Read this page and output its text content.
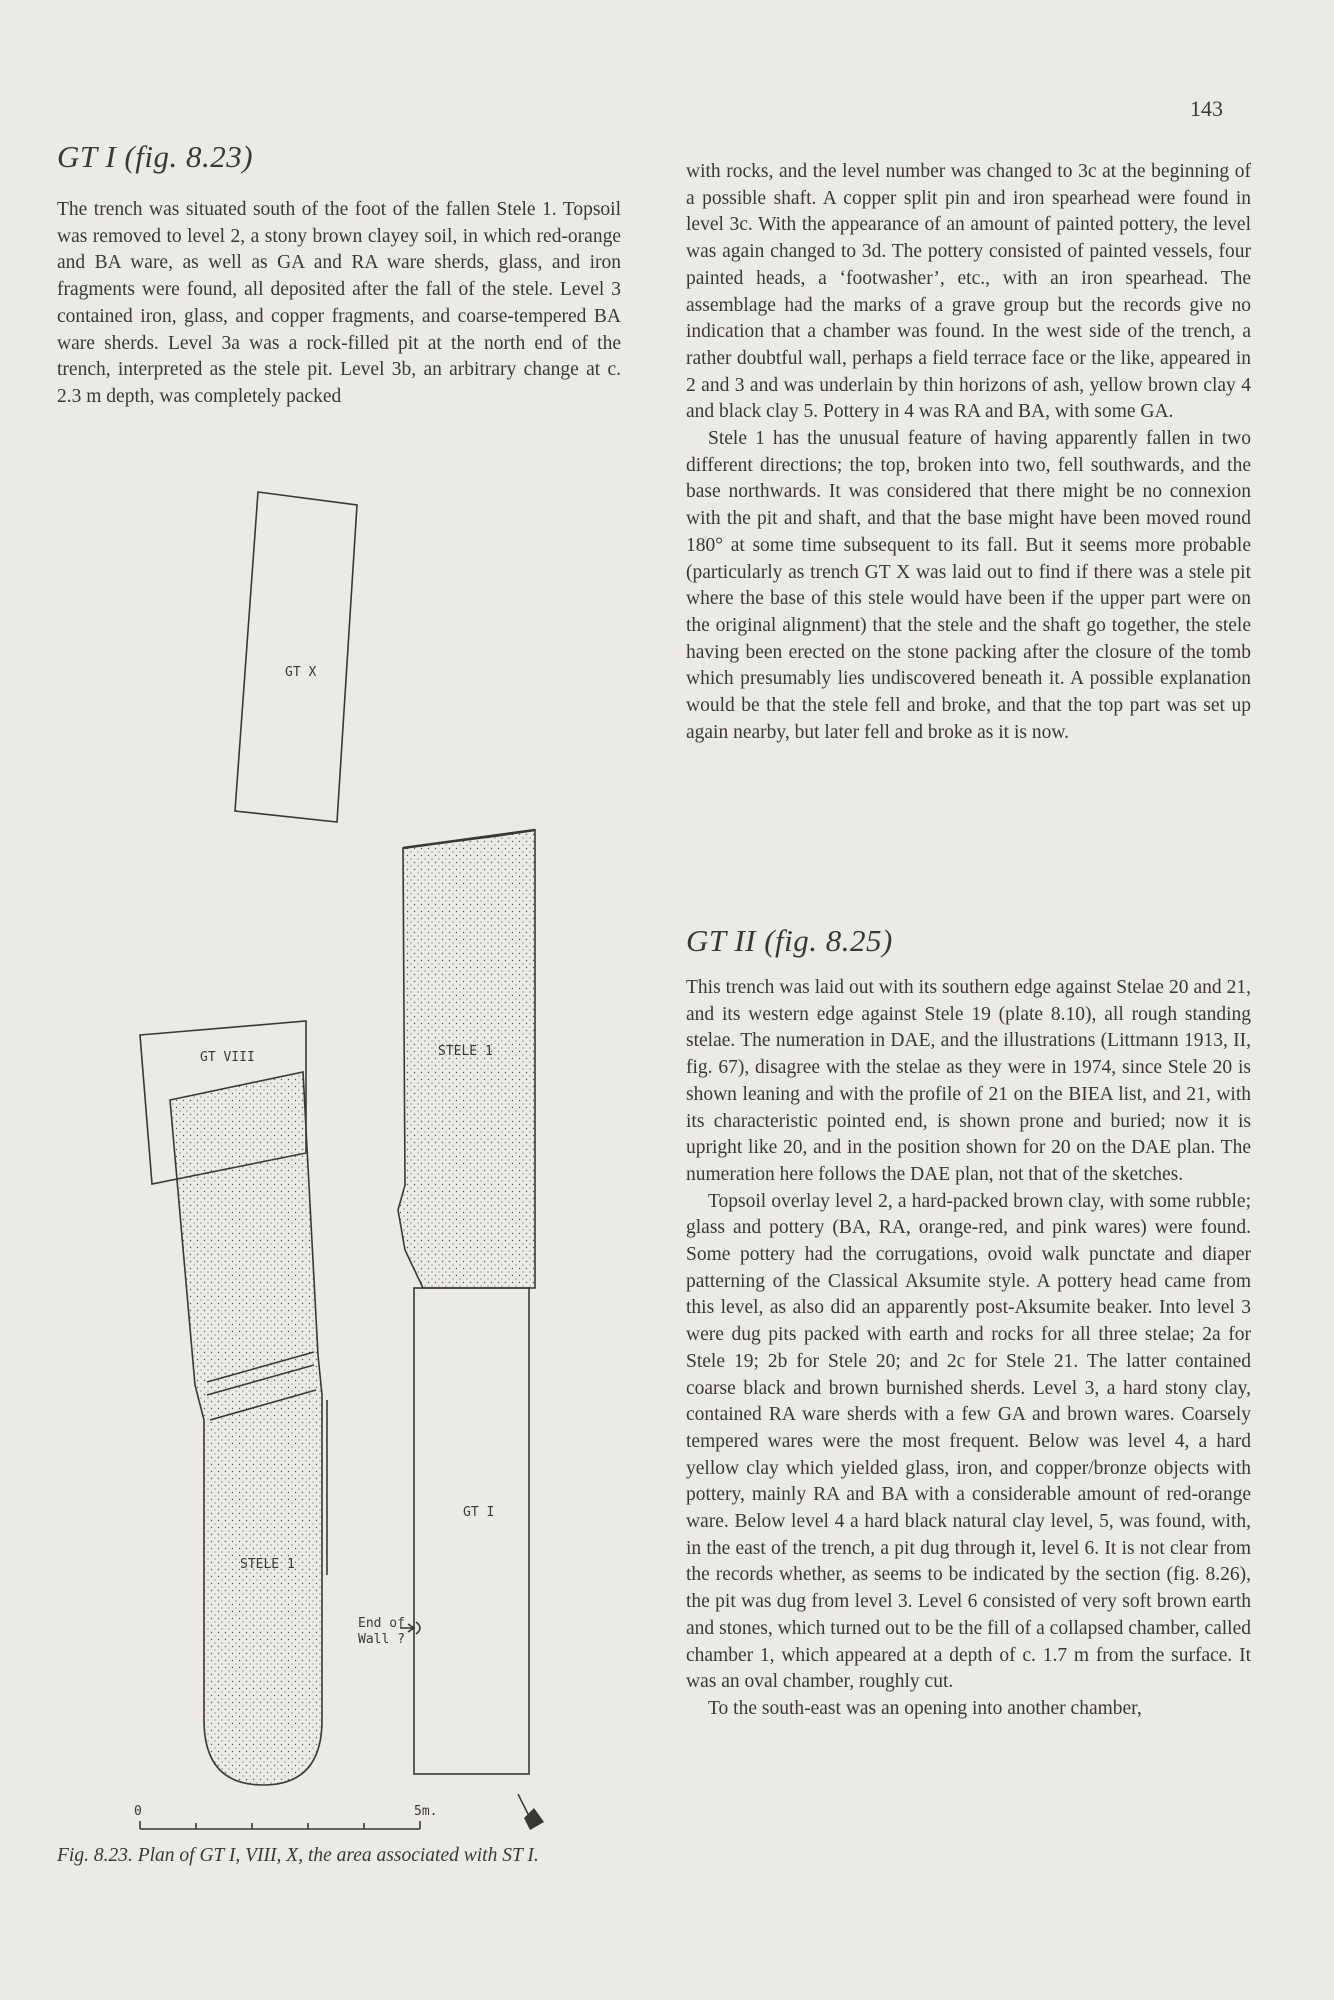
143
GT I (fig. 8.23)

The trench was situated south of the foot of the fallen Stele 1. Topsoil was removed to level 2, a stony brown clayey soil, in which red-orange and BA ware, as well as GA and RA ware sherds, glass, and iron fragments were found, all deposited after the fall of the stele. Level 3 contained iron, glass, and copper fragments, and coarse-tempered BA ware sherds. Level 3a was a rock-filled pit at the north end of the trench, interpreted as the stele pit. Level 3b, an arbitrary change at c. 2.3 m depth, was completely packed

with rocks, and the level number was changed to 3c at the beginning of a possible shaft. A copper split pin and iron spearhead were found in level 3c. With the appearance of an amount of painted pottery, the level was again changed to 3d. The pottery consisted of painted vessels, four painted heads, a ‘footwasher’, etc., with an iron spearhead. The assemblage had the marks of a grave group but the records give no indication that a chamber was found. In the west side of the trench, a rather doubtful wall, perhaps a field terrace face or the like, appeared in 2 and 3 and was underlain by thin horizons of ash, yellow brown clay 4 and black clay 5. Pottery in 4 was RA and BA, with some GA.

Stele 1 has the unusual feature of having apparently fallen in two different directions; the top, broken into two, fell southwards, and the base northwards. It was considered that there might be no connexion with the pit and shaft, and that the base might have been moved round 180° at some time subsequent to its fall. But it seems more probable (particularly as trench GT X was laid out to find if there was a stele pit where the base of this stele would have been if the upper part were on the original alignment) that the stele and the shaft go together, the stele having been erected on the stone packing after the closure of the tomb which presumably lies undiscovered beneath it. A possible explanation would be that the stele fell and broke, and that the top part was set up again nearby, but later fell and broke as it is now.

GT II (fig. 8.25)

This trench was laid out with its southern edge against Stelae 20 and 21, and its western edge against Stele 19 (plate 8.10), all rough standing stelae. The numeration in DAE, and the illustrations (Littmann 1913, II, fig. 67), disagree with the stelae as they were in 1974, since Stele 20 is shown leaning and with the profile of 21 on the BIEA list, and 21, with its characteristic pointed end, is shown prone and buried; now it is upright like 20, and in the position shown for 20 on the DAE plan. The numeration here follows the DAE plan, not that of the sketches.

Topsoil overlay level 2, a hard-packed brown clay, with some rubble; glass and pottery (BA, RA, orange-red, and pink wares) were found. Some pottery had the corrugations, ovoid walk punctate and diaper patterning of the Classical Aksumite style. A pottery head came from this level, as also did an apparently post-Aksumite beaker. Into level 3 were dug pits packed with earth and rocks for all three stelae; 2a for Stele 19; 2b for Stele 20; and 2c for Stele 21. The latter contained coarse black and brown burnished sherds. Level 3, a hard stony clay, contained RA ware sherds with a few GA and brown wares. Coarsely tempered wares were the most frequent. Below was level 4, a hard yellow clay which yielded glass, iron, and copper/bronze objects with pottery, mainly RA and BA with a considerable amount of red-orange ware. Below level 4 a hard black natural clay level, 5, was found, with, in the east of the trench, a pit dug through it, level 6. It is not clear from the records whether, as seems to be indicated by the section (fig. 8.26), the pit was dug from level 3. Level 6 consisted of very soft brown earth and stones, which turned out to be the fill of a collapsed chamber, called chamber 1, which appeared at a depth of c. 1.7 m from the surface. It was an oval chamber, roughly cut.

To the south-east was an opening into another chamber,

GT X
GT VIII	STELE 1
STELE 1
GT I
End of
Wall ?
0	5m.

Fig. 8.23. Plan of GT I, VIII, X, the area associated with ST I.
